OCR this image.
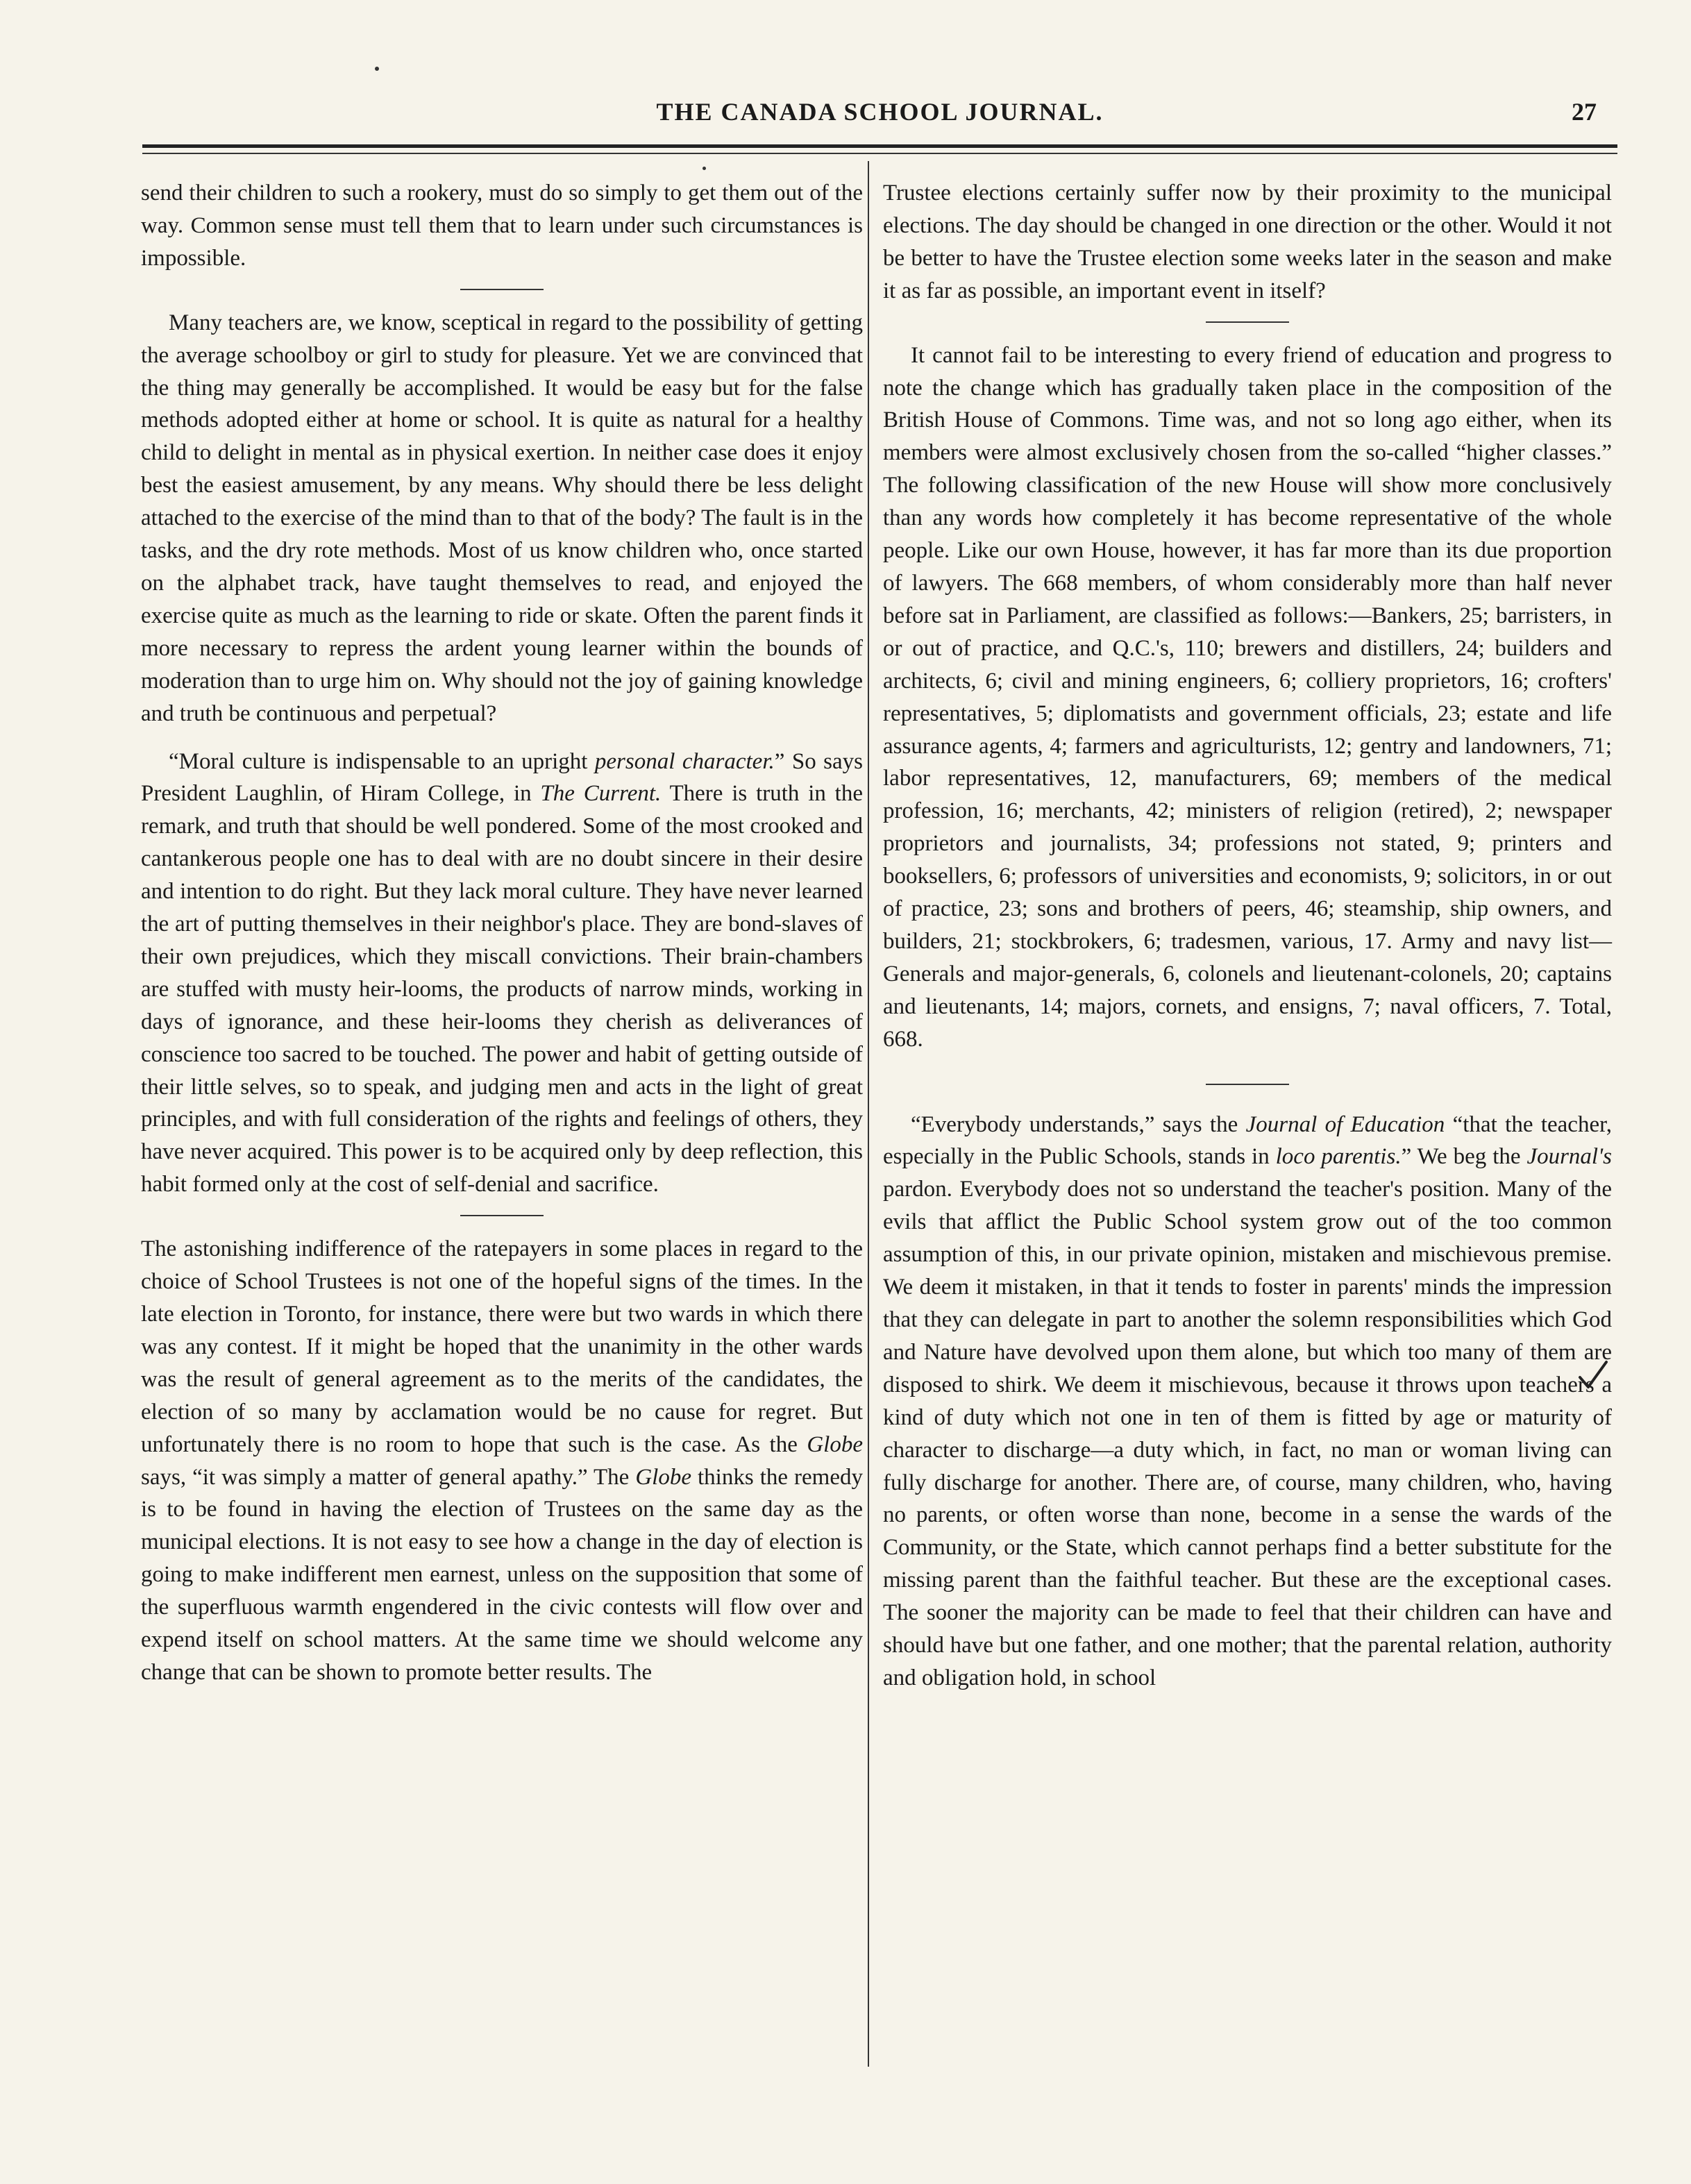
THE CANADA SCHOOL JOURNAL.	27

send their children to such a rookery, must do so simply to get them out of the way. Common sense must tell them that to learn under such circumstances is impossible.

Many teachers are, we know, sceptical in regard to the possibility of getting the average schoolboy or girl to study for pleasure. Yet we are convinced that the thing may generally be accomplished. It would be easy but for the false methods adopted either at home or school. It is quite as natural for a healthy child to delight in mental as in physical exertion. In neither case does it enjoy best the easiest amusement, by any means. Why should there be less delight attached to the exercise of the mind than to that of the body? The fault is in the tasks, and the dry rote methods. Most of us know children who, once started on the alphabet track, have taught themselves to read, and enjoyed the exercise quite as much as the learning to ride or skate. Often the parent finds it more necessary to repress the ardent young learner within the bounds of moderation than to urge him on. Why should not the joy of gaining knowledge and truth be continuous and perpetual?

“Moral culture is indispensable to an upright personal character.” So says President Laughlin, of Hiram College, in The Current. There is truth in the remark, and truth that should be well pondered. Some of the most crooked and cantankerous people one has to deal with are no doubt sincere in their desire and intention to do right. But they lack moral culture. They have never learned the art of putting themselves in their neighbor's place. They are bond-slaves of their own prejudices, which they miscall convictions. Their brain-chambers are stuffed with musty heir-looms, the products of narrow minds, working in days of ignorance, and these heir-looms they cherish as deliverances of conscience too sacred to be touched. The power and habit of getting outside of their little selves, so to speak, and judging men and acts in the light of great principles, and with full consideration of the rights and feelings of others, they have never acquired. This power is to be acquired only by deep reflection, this habit formed only at the cost of self-denial and sacrifice.

The astonishing indifference of the ratepayers in some places in regard to the choice of School Trustees is not one of the hopeful signs of the times. In the late election in Toronto, for instance, there were but two wards in which there was any contest. If it might be hoped that the unanimity in the other wards was the result of general agreement as to the merits of the candidates, the election of so many by acclamation would be no cause for regret. But unfortunately there is no room to hope that such is the case. As the Globe says, “it was simply a matter of general apathy.” The Globe thinks the remedy is to be found in having the election of Trustees on the same day as the municipal elections. It is not easy to see how a change in the day of election is going to make indifferent men earnest, unless on the supposition that some of the superfluous warmth engendered in the civic contests will flow over and expend itself on school matters. At the same time we should welcome any change that can be shown to promote better results. The

Trustee elections certainly suffer now by their proximity to the municipal elections. The day should be changed in one direction or the other. Would it not be better to have the Trustee election some weeks later in the season and make it as far as possible, an important event in itself?

It cannot fail to be interesting to every friend of education and progress to note the change which has gradually taken place in the composition of the British House of Commons. Time was, and not so long ago either, when its members were almost exclusively chosen from the so-called “higher classes.” The following classification of the new House will show more conclusively than any words how completely it has become representative of the whole people. Like our own House, however, it has far more than its due proportion of lawyers. The 668 members, of whom considerably more than half never before sat in Parliament, are classified as follows:—Bankers, 25; barristers, in or out of practice, and Q.C.'s, 110; brewers and distillers, 24; builders and architects, 6; civil and mining engineers, 6; colliery proprietors, 16; crofters' representatives, 5; diplomatists and government officials, 23; estate and life assurance agents, 4; farmers and agriculturists, 12; gentry and landowners, 71; labor representatives, 12, manufacturers, 69; members of the medical profession, 16; merchants, 42; ministers of religion (retired), 2; newspaper proprietors and journalists, 34; professions not stated, 9; printers and booksellers, 6; professors of universities and economists, 9; solicitors, in or out of practice, 23; sons and brothers of peers, 46; steamship, ship owners, and builders, 21; stockbrokers, 6; tradesmen, various, 17. Army and navy list—Generals and major-generals, 6, colonels and lieutenant-colonels, 20; captains and lieutenants, 14; majors, cornets, and ensigns, 7; naval officers, 7. Total, 668.

“Everybody understands,” says the Journal of Education “that the teacher, especially in the Public Schools, stands in loco parentis.” We beg the Journal's pardon. Everybody does not so understand the teacher's position. Many of the evils that afflict the Public School system grow out of the too common assumption of this, in our private opinion, mistaken and mischievous premise. We deem it mistaken, in that it tends to foster in parents' minds the impression that they can delegate in part to another the solemn responsibilities which God and Nature have devolved upon them alone, but which too many of them are disposed to shirk. We deem it mischievous, because it throws upon teachers a kind of duty which not one in ten of them is fitted by age or maturity of character to discharge—a duty which, in fact, no man or woman living can fully discharge for another. There are, of course, many children, who, having no parents, or often worse than none, become in a sense the wards of the Community, or the State, which cannot perhaps find a better substitute for the missing parent than the faithful teacher. But these are the exceptional cases. The sooner the majority can be made to feel that their children can have and should have but one father, and one mother; that the parental relation, authority and obligation hold, in school
